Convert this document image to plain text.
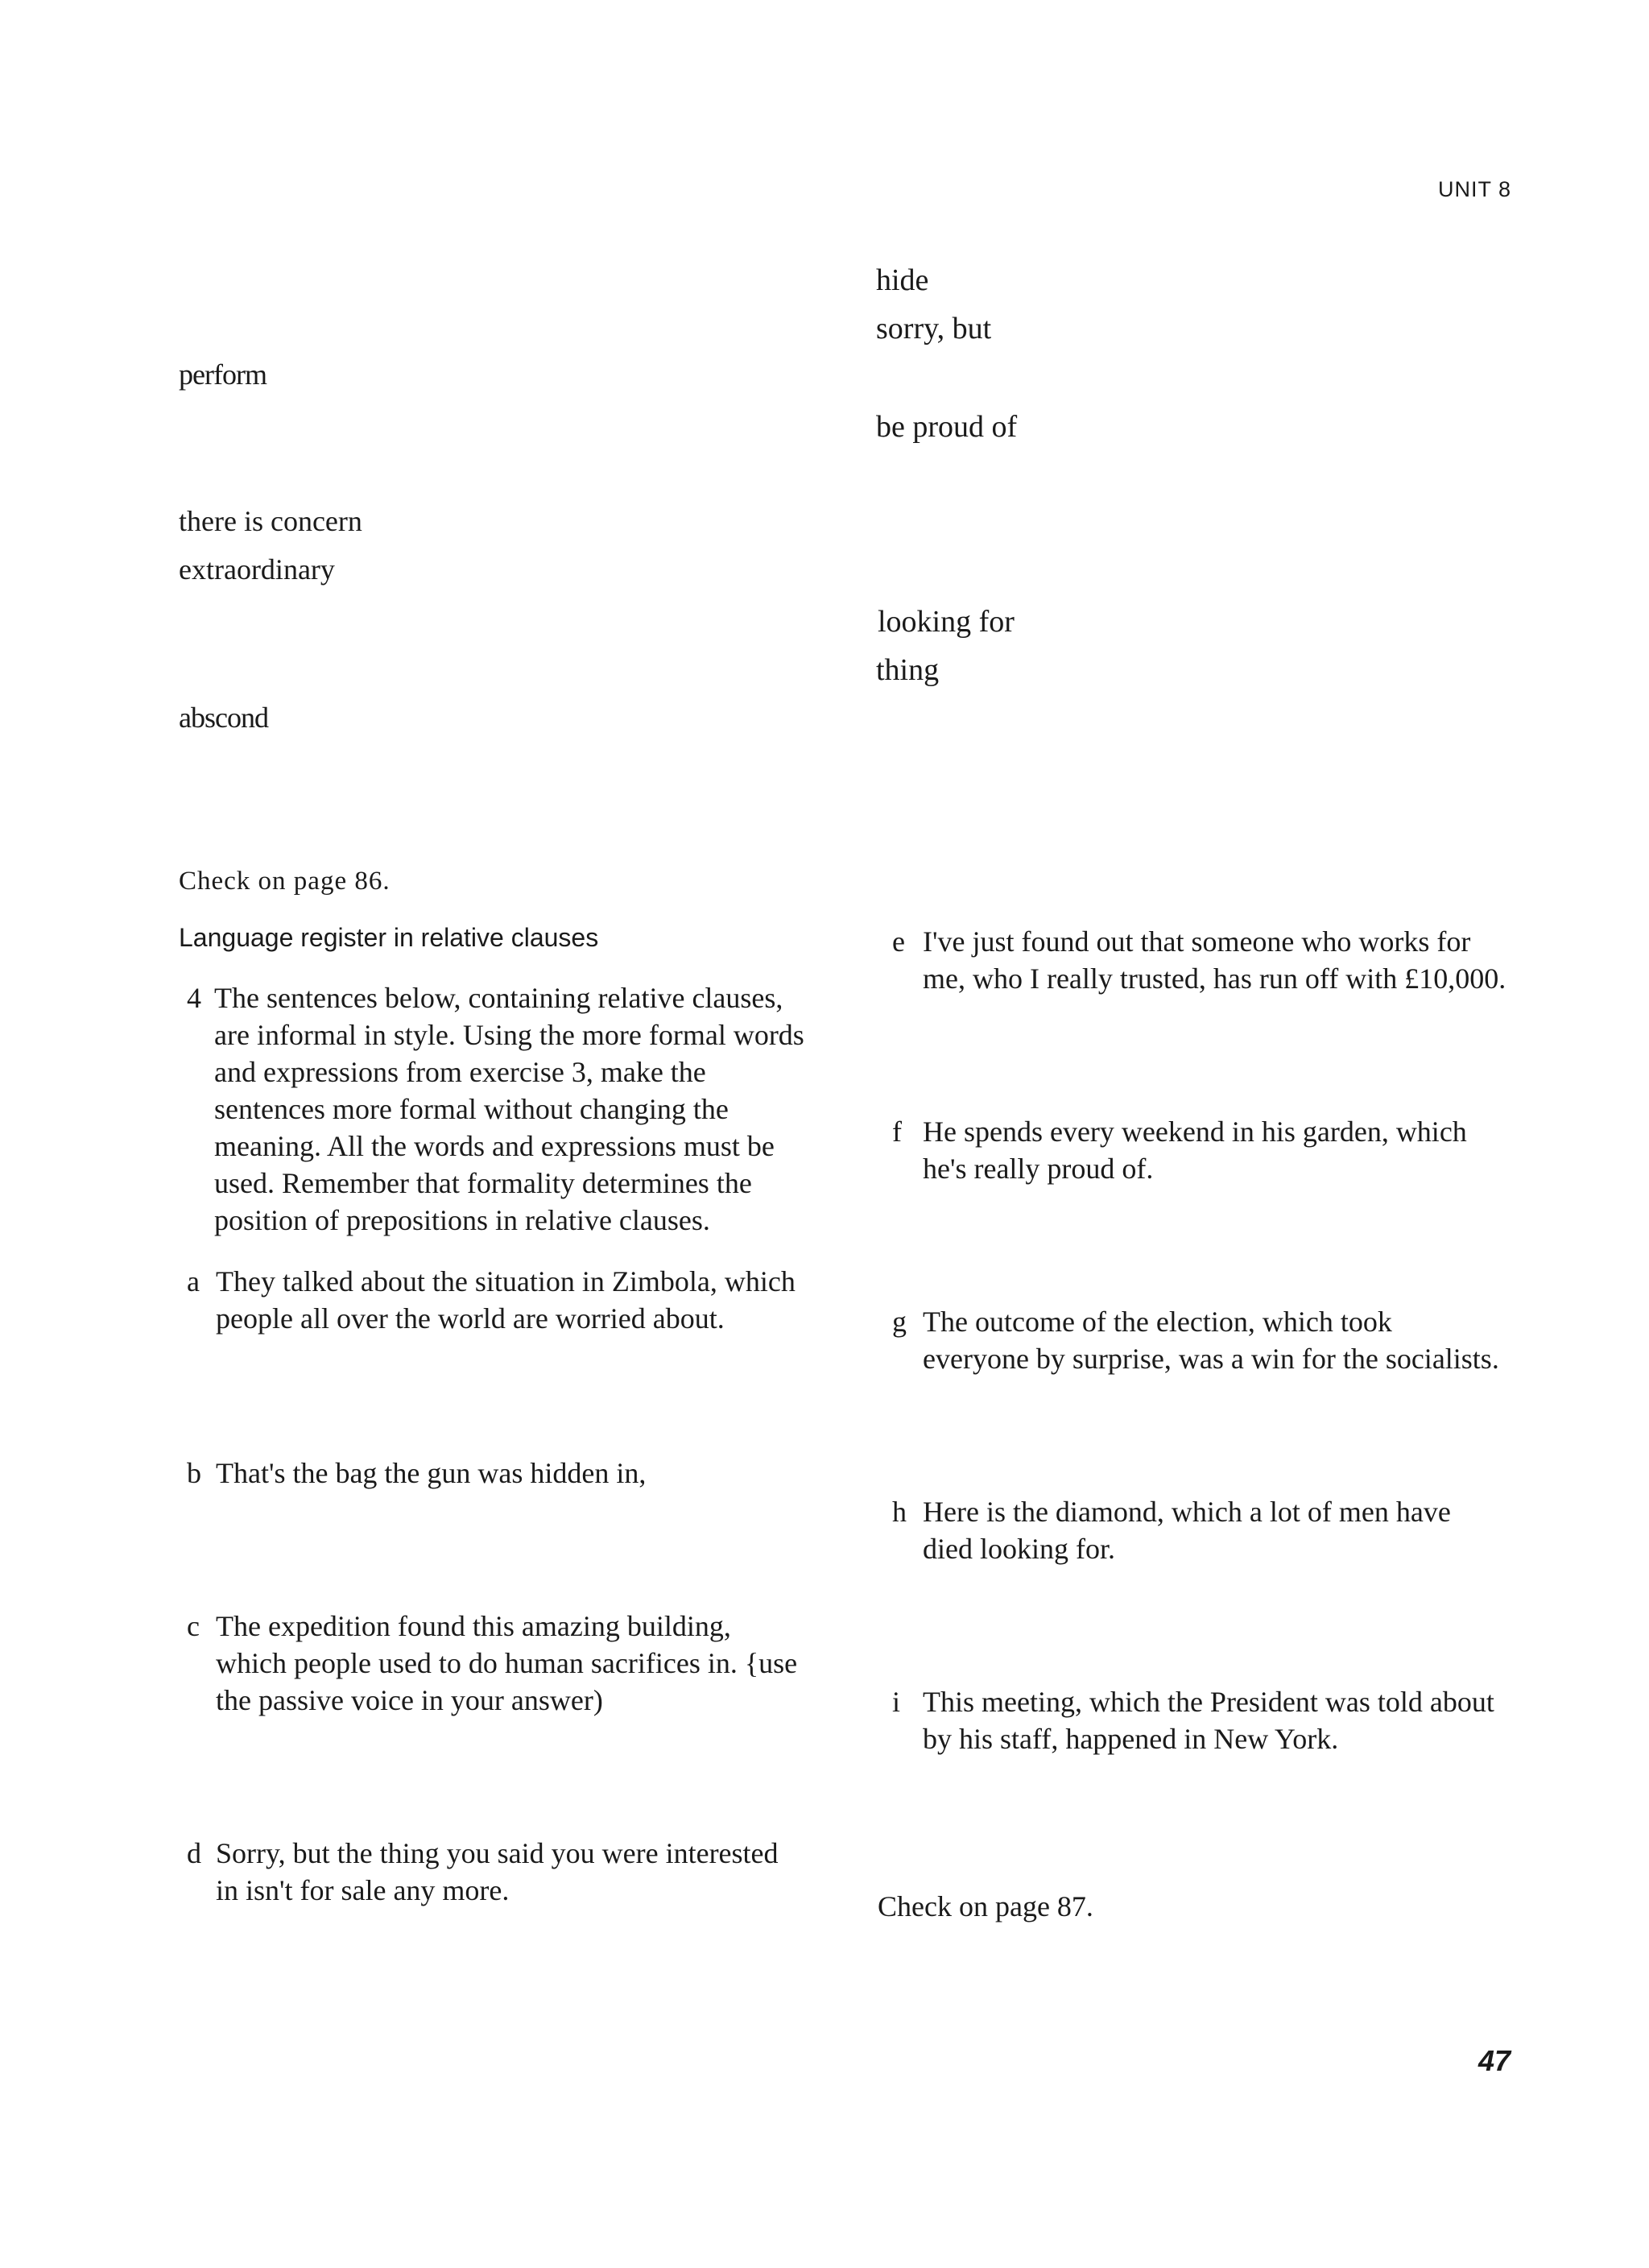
UNIT 8
perform
there is concern
extraordinary
abscond
hide
sorry, but
be proud of
looking for
thing
Check on page 86.
Language register in relative clauses
4 The sentences below, containing relative clauses,
are informal in style. Using the more formal words
and expressions from exercise 3, make the
sentences more formal without changing the
meaning. All the words and expressions must be
used. Remember that formality determines the
position of prepositions in relative clauses.
a They talked about the situation in Zimbola, which
people all over the world are worried about.
b That's the bag the gun was hidden in,
c The expedition found this amazing building,
which people used to do human sacrifices in. {use
the passive voice in your answer)
d Sorry, but the thing you said you were interested
in isn't for sale any more.
e I've just found out that someone who works for
me, who I really trusted, has run off with £10,000.
f He spends every weekend in his garden, which
he's really proud of.
g The outcome of the election, which took
everyone by surprise, was a win for the socialists.
h Here is the diamond, which a lot of men have
died looking for.
i This meeting, which the President was told about
by his staff, happened in New York.
Check on page 87.
47
